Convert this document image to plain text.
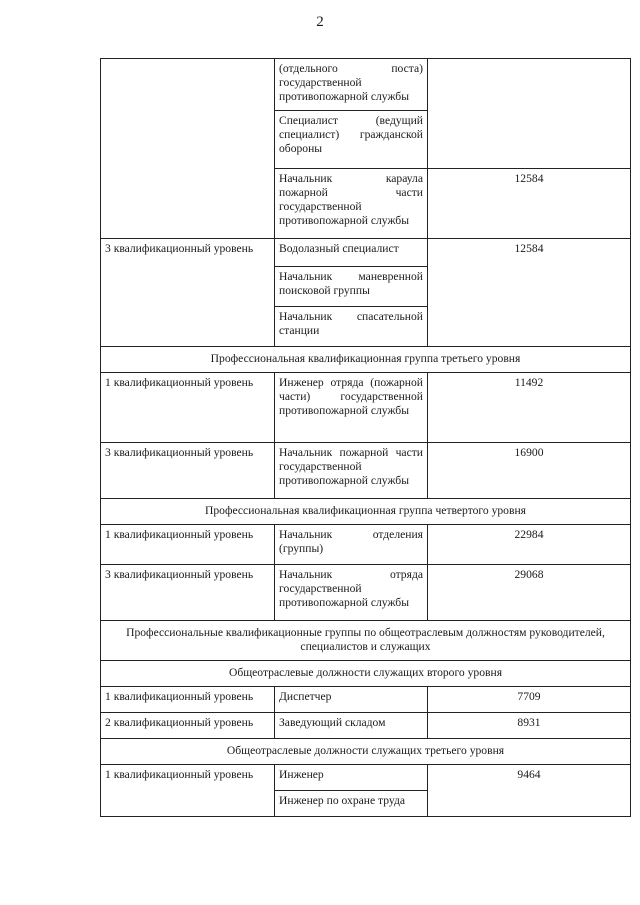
2
	(отдельного поста) государственной противопожарной службы	
	Специалист (ведущий специалист) гражданской обороны	
	Начальник караула пожарной части государственной противопожарной службы	12584
3 квалификационный уровень	Водолазный специалист	12584
	Начальник маневренной поисковой группы	
	Начальник спасательной станции	
Профессиональная квалификационная группа третьего уровня		
1 квалификационный уровень	Инженер отряда (пожарной части) государственной противопожарной службы	11492
3 квалификационный уровень	Начальник пожарной части государственной противопожарной службы	16900
Профессиональная квалификационная группа четвертого уровня		
1 квалификационный уровень	Начальник отделения (группы)	22984
3 квалификационный уровень	Начальник отряда государственной противопожарной службы	29068
Профессиональные квалификационные группы по общеотраслевым должностям руководителей, специалистов и служащих		
Общеотраслевые должности служащих второго уровня		
1 квалификационный уровень	Диспетчер	7709
2 квалификационный уровень	Заведующий складом	8931
Общеотраслевые должности служащих третьего уровня		
1 квалификационный уровень	Инженер	9464
	Инженер по охране труда	
